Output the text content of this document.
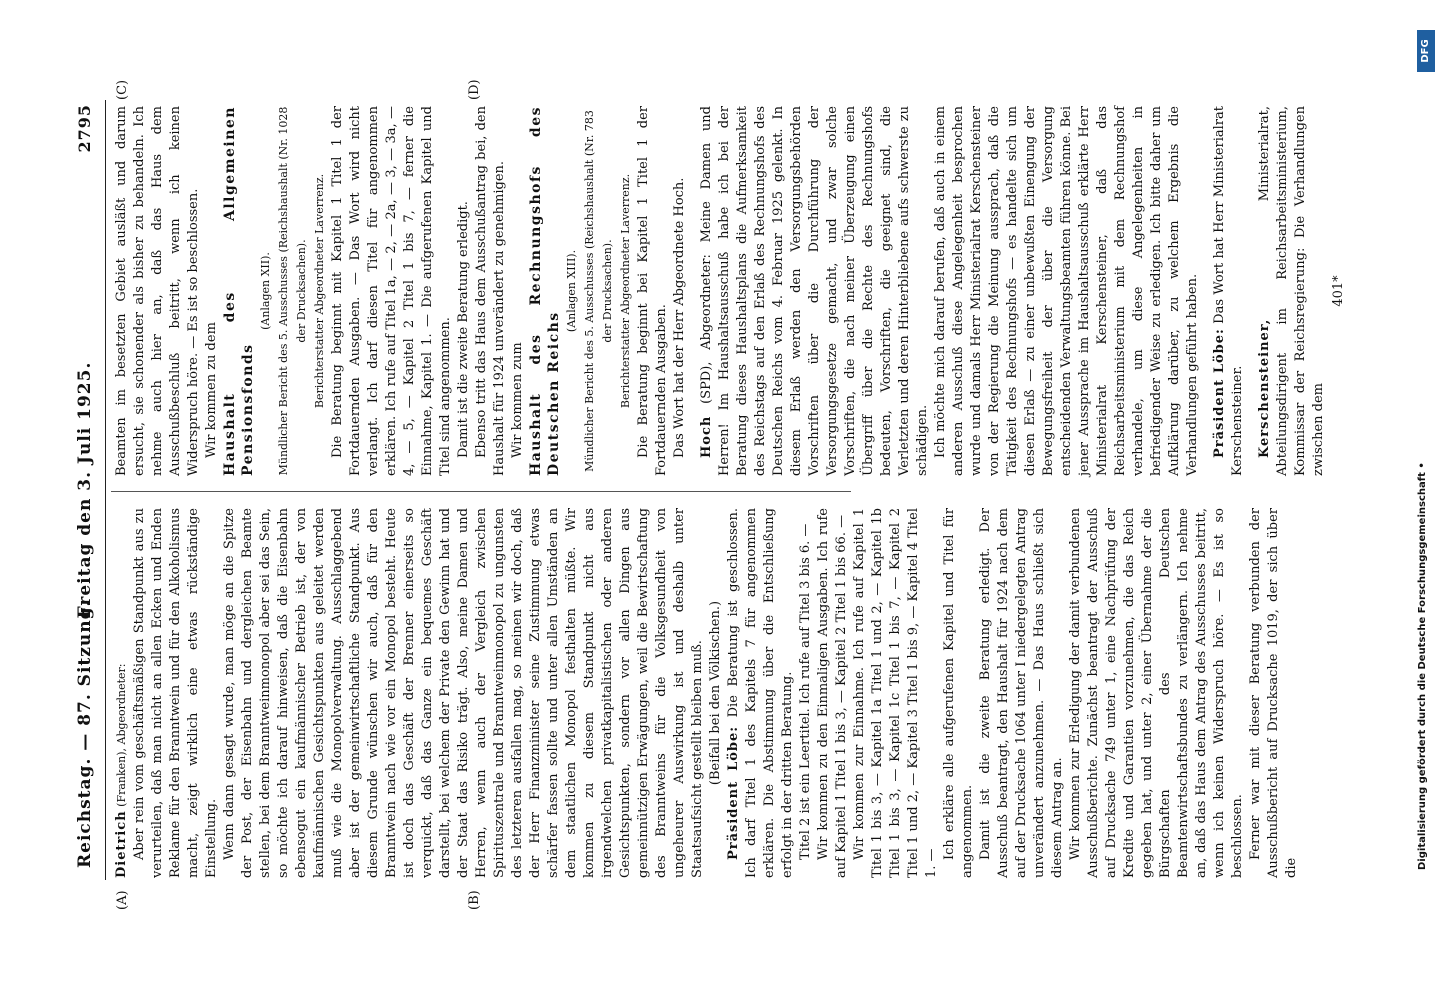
Reichstag. — 87. Sitzung.
Freitag den 3. Juli 1925.
2795
(A)	(B)
(C)	(D)

Dietrich (Franken), Abgeordneter: Aber rein vom geschäftsmäßigen Standpunkt aus zu verurteilen, daß man nicht an allen Ecken und Enden Reklame für den Branntwein und für den Alkoholismus macht, zeigt wirklich eine etwas rückständige Einstellung. Wenn dann gesagt wurde, man möge an die Spitze der Post, der Eisenbahn und dergleichen Beamte stellen, bei dem Branntweinmonopol aber sei das Sein, so möchte ich darauf hinweisen, daß die Eisenbahn ebensogut ein kaufmännischer Betrieb ist, der von kaufmännischen Gesichtspunkten aus geleitet werden muß wie die Monopolverwaltung. Ausschlaggebend aber ist der gemeinwirtschaftliche Standpunkt. Aus diesem Grunde wünschen wir auch, daß für den Branntwein nach wie vor ein Monopol besteht. Heute ist doch das Geschäft der Brenner einerseits so verquickt, daß das Ganze ein bequemes Geschäft darstellt, bei welchem der Private den Gewinn hat und der Staat das Risiko trägt. Also, meine Damen und Herren, wenn auch der Vergleich zwischen Spirituszentrale und Branntweinmonopol zu ungunsten des letzteren ausfallen mag, so meinen wir doch, daß der Herr Finanzminister seine Zustimmung etwas schärfer fassen sollte und unter allen Umständen an dem staatlichen Monopol festhalten müßte. Wir kommen zu diesem Standpunkt nicht aus irgendwelchen privatkapitalistischen oder anderen Gesichtspunkten, sondern vor allen Dingen aus gemeinnützigen Erwägungen, weil die Bewirtschaftung des Branntweins für die Volksgesundheit von ungeheurer Auswirkung ist und deshalb unter Staatsaufsicht gestellt bleiben muß. (Beifall bei den Völkischen.)

Präsident Löbe: Die Beratung ist geschlossen. Ich darf Titel 1 des Kapitels 7 für angenommen erklären. Die Abstimmung über die Entschließung erfolgt in der dritten Beratung. Titel 2 ist ein Leertitel. Ich rufe auf Titel 3 bis 6. — Wir kommen zu den Einmaligen Ausgaben. Ich rufe auf Kapitel 1 Titel 1 bis 3, — Kapitel 2 Titel 1 bis 66. — Wir kommen zur Einnahme. Ich rufe auf Kapitel 1 Titel 1 bis 3, — Kapitel 1a Titel 1 und 2, — Kapitel 1b Titel 1 bis 3, — Kapitel 1c Titel 1 bis 7, — Kapitel 2 Titel 1 und 2, — Kapitel 3 Titel 1 bis 9, — Kapitel 4 Titel 1. —

Ich erkläre alle aufgerufenen Kapitel und Titel für angenommen. Damit ist die zweite Beratung erledigt. Der Ausschuß beantragt, den Haushalt für 1924 nach dem auf der Drucksache 1064 unter I niedergelegten Antrag unverändert anzunehmen. — Das Haus schließt sich diesem Antrag an. Wir kommen zur Erledigung der damit verbundenen Ausschußberichte. Zunächst beantragt der Ausschuß auf Drucksache 749 unter 1, eine Nachprüfung der Kredite und Garantien vorzunehmen, die das Reich gegeben hat, und unter 2, einer Übernahme der die Bürgschaften des Deutschen Beamtenwirtschaftsbundes zu verlängern. Ich nehme an, daß das Haus dem Antrag des Ausschusses beitritt, wenn ich keinen Widerspruch höre. — Es ist so beschlossen. Ferner war mit dieser Beratung verbunden der Ausschußbericht auf Drucksache 1019, der sich über die

Beamten im besetzten Gebiet ausläßt und darum ersucht, sie schonender als bisher zu behandeln. Ich nehme auch hier an, daß das Haus dem Ausschußbeschluß beitritt, wenn ich keinen Widerspruch höre. — Es ist so beschlossen. Wir kommen zu dem Haushalt des Allgemeinen Pensionsfonds

(Anlagen XII). Mündlicher Bericht des 5. Ausschusses (Reichshaushalt (Nr. 1028 der Drucksachen). Berichterstatter Abgeordneter Laverrenz. Die Beratung beginnt mit Kapitel 1 Titel 1 der Fortdauernden Ausgaben. — Das Wort wird nicht verlangt. Ich darf diesen Titel für angenommen erklären. Ich rufe auf Titel 1a, — 2, — 2a, — 3, — 3a, — 4, — 5, — Kapitel 2 Titel 1 bis 7, — ferner die Einnahme, Kapitel 1. — Die aufgerufenen Kapitel und Titel sind angenommen. Damit ist die zweite Beratung erledigt. Ebenso tritt das Haus dem Ausschußantrag bei, den Haushalt für 1924 unverändert zu genehmigen. Wir kommen zum Haushalt des Rechnungshofs des Deutschen Reichs

(Anlagen XIII). Mündlicher Bericht des 5. Ausschusses (Reichshaushalt (Nr. 783 der Drucksachen). Berichterstatter Abgeordneter Laverrenz. Die Beratung beginnt bei Kapitel 1 Titel 1 der Fortdauernden Ausgaben. Das Wort hat der Herr Abgeordnete Hoch. Hoch (SPD), Abgeordneter: Meine Damen und Herren! Im Haushaltsausschuß habe ich bei der Beratung dieses Haushaltsplans die Aufmerksamkeit des Reichstags auf den Erlaß des Rechnungshofs des Deutschen Reichs vom 4. Februar 1925 gelenkt. In diesem Erlaß werden den Versorgungsbehörden Vorschriften über die Durchführung der Versorgungsgesetze gemacht, und zwar solche Vorschriften, die nach meiner Überzeugung einen Übergriff über die Rechte des Rechnungshofs bedeuten, Vorschriften, die geeignet sind, die Verletzten und deren Hinterbliebene aufs schwerste zu schädigen. Ich möchte mich darauf berufen, daß auch in einem anderen Ausschuß diese Angelegenheit besprochen wurde und damals Herr Ministerialrat Kerschensteiner von der Regierung die Meinung aussprach, daß die Tätigkeit des Rechnungshofs — es handelte sich um diesen Erlaß — zu einer unbewußten Einengung der Bewegungsfreiheit der über die Versorgung entscheidenden Verwaltungsbeamten führen könne. Bei jener Aussprache im Haushaltsausschuß erklärte Herr Ministerialrat Kerschensteiner, daß das Reichsarbeitsministerium mit dem Rechnungshof verhandele, um diese Angelegenheiten in befriedigender Weise zu erledigen. Ich bitte daher um Aufklärung darüber, zu welchem Ergebnis die Verhandlungen geführt haben. Präsident Löbe: Das Wort hat Herr Ministerialrat Kerschensteiner. Kerschensteiner, Ministerialrat, Abteilungsdirigent im Reichsarbeitsministerium, Kommissar der Reichsregierung: Die Verhandlungen zwischen dem

401*

Digitalisierung gefördert durch die Deutsche Forschungsgemeinschaft •
DFG
